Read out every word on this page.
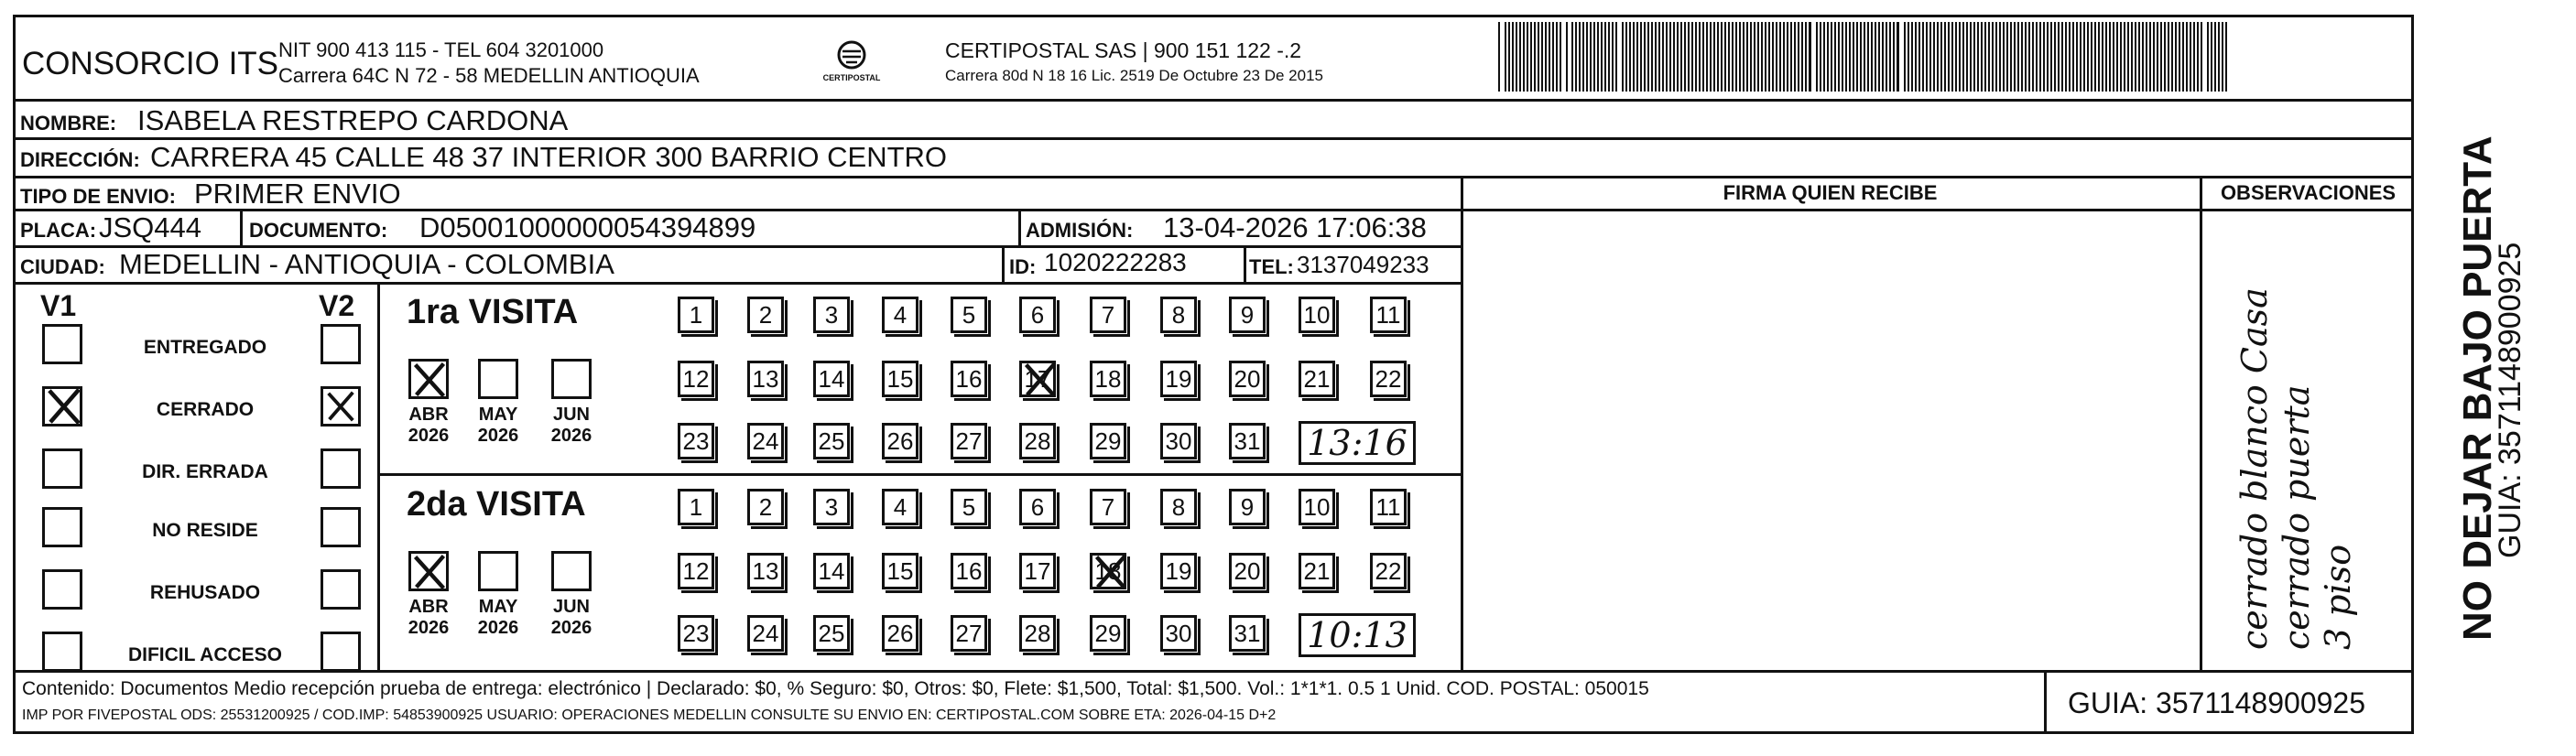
CONSORCIO ITS NIT 900 413 115 - TEL 604 3201000
Carrera 64C N 72 - 58 MEDELLIN ANTIOQUIA	CERTIPOSTAL
CERTIPOSTAL SAS | 900 151 122 -.2
Carrera 80d N 18 16 Lic. 2519 De Octubre 23 De 2015
NOMBRE: ISABELA RESTREPO CARDONA
DIRECCIÓN: CARRERA 45 CALLE 48 37 INTERIOR 300 BARRIO CENTRO
TIPO DE ENVIO: PRIMER ENVIO	FIRMA QUIEN RECIBE	OBSERVACIONES
PLACA: JSQ444 DOCUMENTO: D05001000000054394899	ADMISIÓN: 13-04-2026 17:06:38
CIUDAD: MEDELLIN - ANTIOQUIA - COLOMBIA	ID: 1020222283	TEL: 3137049233
V1	V2
ENTREGADO
CERRADO
DIR. ERRADA
NO RESIDE
REHUSADO
DIFICIL ACCESO
1ra VISITA
ABR
2026
MAY
2026
JUN
2026
1	2	3	4	5	6	7	8	9	10 11
12 13 14 15 16 17 18 19 20 21 22
23 24 25 26 27 28 29 30 31 13:16
2da VISITA
ABR
2026
MAY
2026
JUN
2026
1	2	3	4	5	6	7	8	9	10 11
12 13 14 15 16 17 18 19 20 21 22
23 24 25 26 27 28 29 30 31 10:13	cerrado blanco Casa
cerrado puerta
3 piso
Contenido: Documentos Medio recepción prueba de entrega: electrónico | Declarado: $0, % Seguro: $0, Otros: $0, Flete: $1,500, Total: $1,500. Vol.: 1*1*1. 0.5 1 Unid. COD. POSTAL: 050015
IMP POR FIVEPOSTAL ODS: 25531200925 / COD.IMP: 54853900925 USUARIO: OPERACIONES MEDELLIN CONSULTE SU ENVIO EN: CERTIPOSTAL.COM SOBRE ETA: 2026-04-15 D+2	GUIA: 3571148900925
NO DEJAR BAJO PUERTA
GUIA: 3571148900925
